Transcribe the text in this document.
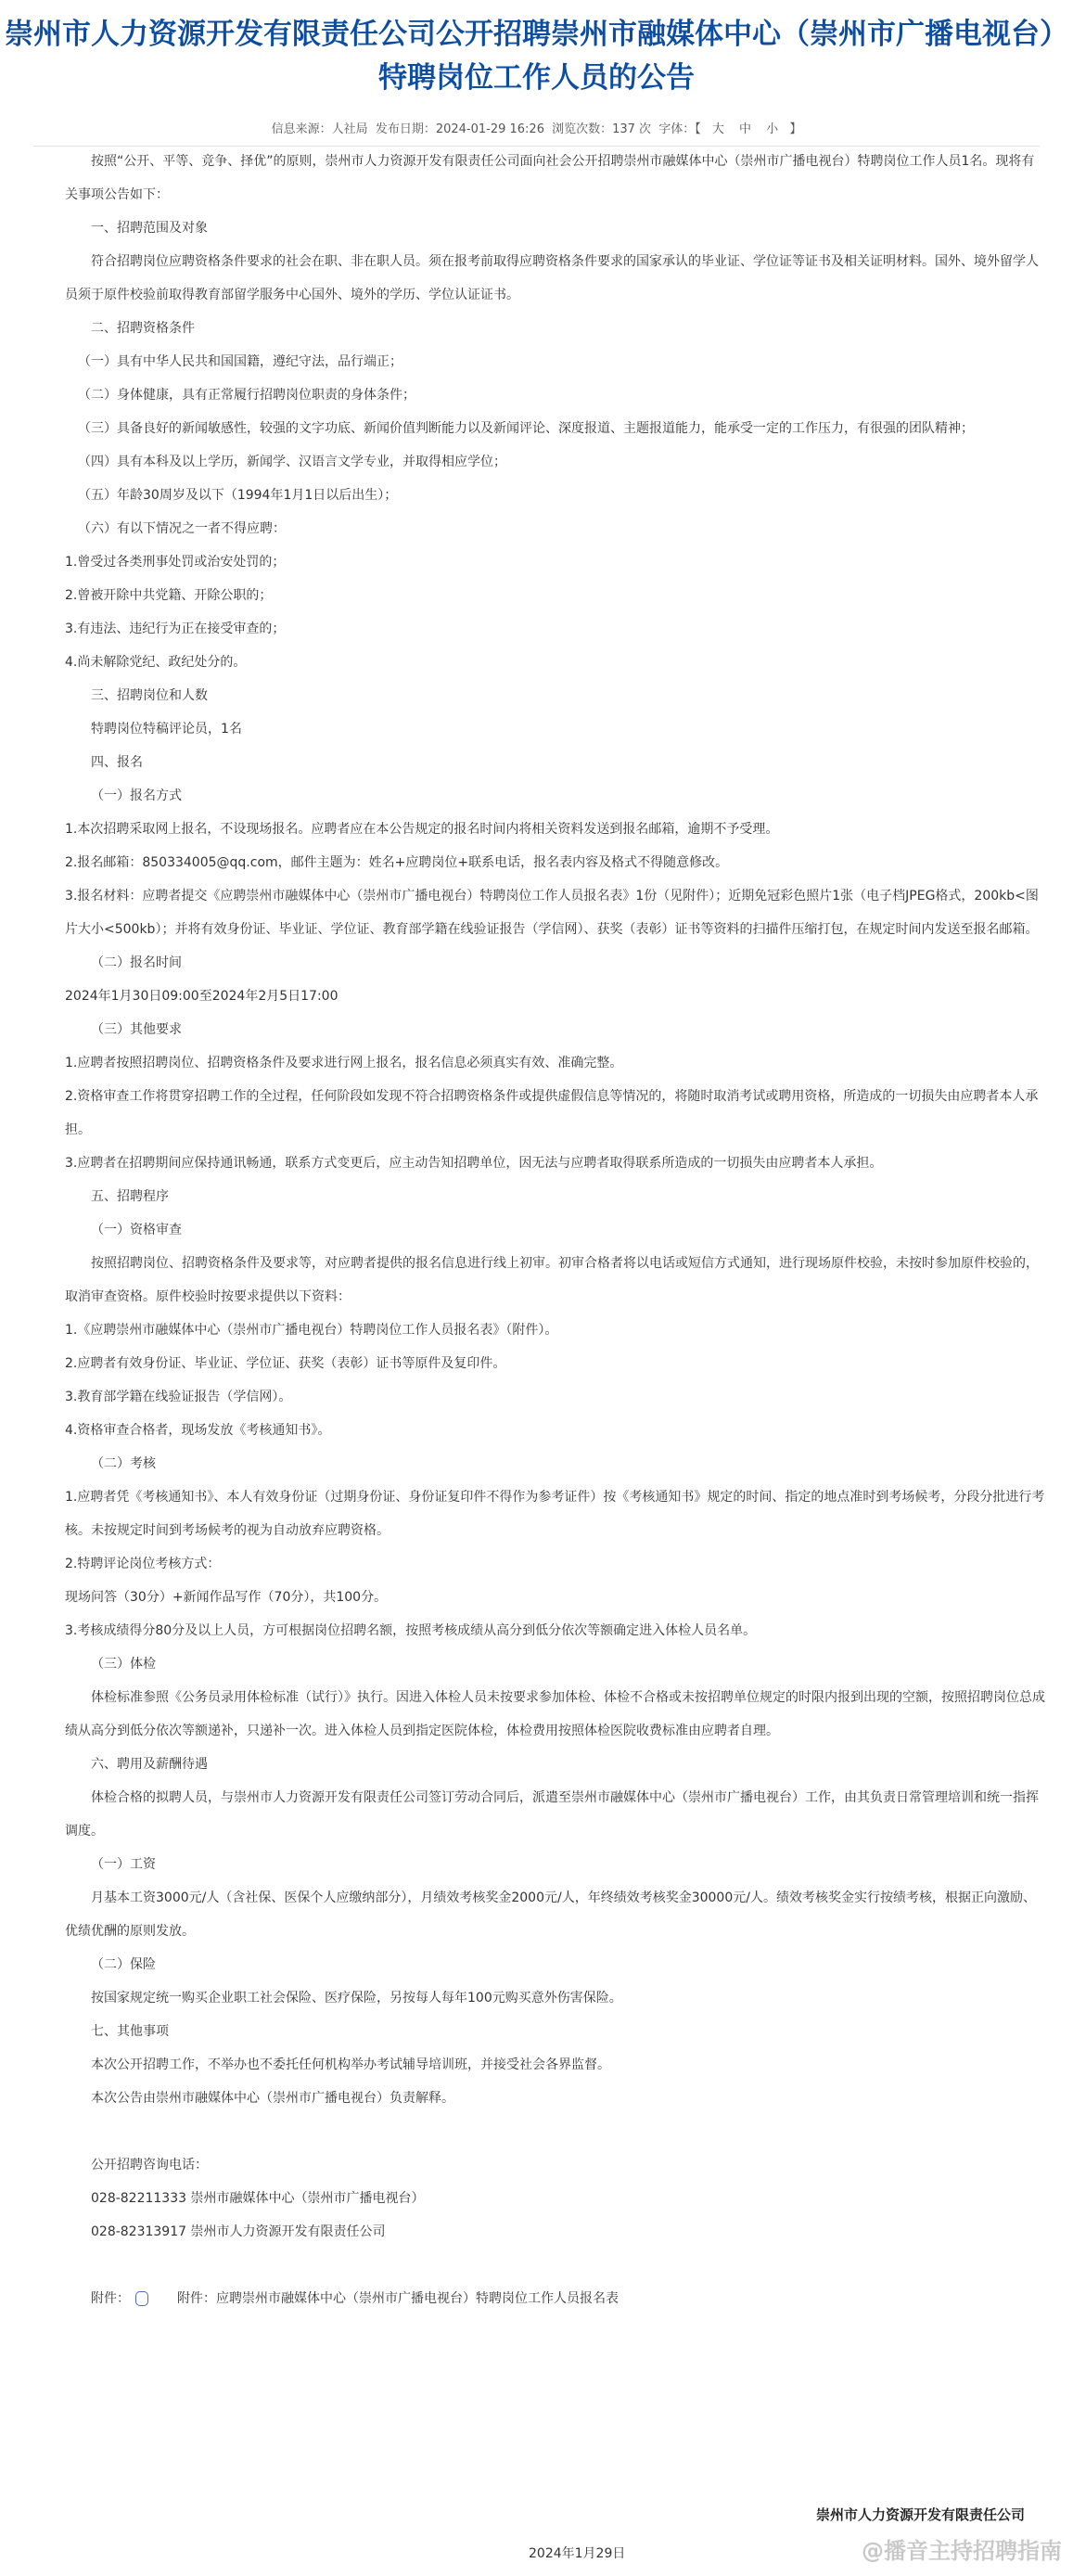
崇州市人力资源开发有限责任公司公开招聘崇州市融媒体中心（崇州市广播电视台）特聘岗位工作人员的公告
信息来源：人社局 发布日期：2024-01-29 16:26 浏览次数：137 次 字体：【 大 中 小 】

按照“公开、平等、竞争、择优”的原则，崇州市人力资源开发有限责任公司面向社会公开招聘崇州市融媒体中心（崇州市广播电视台）特聘岗位工作人员1名。现将有关事项公告如下：

一、招聘范围及对象

符合招聘岗位应聘资格条件要求的社会在职、非在职人员。须在报考前取得应聘资格条件要求的国家承认的毕业证、学位证等证书及相关证明材料。国外、境外留学人员须于原件校验前取得教育部留学服务中心国外、境外的学历、学位认证证书。

二、招聘资格条件

（一）具有中华人民共和国国籍，遵纪守法，品行端正；

（二）身体健康，具有正常履行招聘岗位职责的身体条件；

（三）具备良好的新闻敏感性，较强的文字功底、新闻价值判断能力以及新闻评论、深度报道、主题报道能力，能承受一定的工作压力，有很强的团队精神；

（四）具有本科及以上学历，新闻学、汉语言文学专业，并取得相应学位；

（五）年龄30周岁及以下（1994年1月1日以后出生）；

（六）有以下情况之一者不得应聘：

1.曾受过各类刑事处罚或治安处罚的；

2.曾被开除中共党籍、开除公职的；

3.有违法、违纪行为正在接受审查的；

4.尚未解除党纪、政纪处分的。

三、招聘岗位和人数

特聘岗位特稿评论员，1名

四、报名

（一）报名方式

1.本次招聘采取网上报名，不设现场报名。应聘者应在本公告规定的报名时间内将相关资料发送到报名邮箱，逾期不予受理。

2.报名邮箱：850334005@qq.com，邮件主题为：姓名+应聘岗位+联系电话，报名表内容及格式不得随意修改。

3.报名材料：应聘者提交《应聘崇州市融媒体中心（崇州市广播电视台）特聘岗位工作人员报名表》1份（见附件）；近期免冠彩色照片1张（电子档JPEG格式，200kb<图片大小<500kb）；并将有效身份证、毕业证、学位证、教育部学籍在线验证报告（学信网）、获奖（表彰）证书等资料的扫描件压缩打包，在规定时间内发送至报名邮箱。

（二）报名时间

2024年1月30日09:00至2024年2月5日17:00

（三）其他要求

1.应聘者按照招聘岗位、招聘资格条件及要求进行网上报名，报名信息必须真实有效、准确完整。

2.资格审查工作将贯穿招聘工作的全过程，任何阶段如发现不符合招聘资格条件或提供虚假信息等情况的，将随时取消考试或聘用资格，所造成的一切损失由应聘者本人承担。

3.应聘者在招聘期间应保持通讯畅通，联系方式变更后，应主动告知招聘单位，因无法与应聘者取得联系所造成的一切损失由应聘者本人承担。

五、招聘程序

（一）资格审查

按照招聘岗位、招聘资格条件及要求等，对应聘者提供的报名信息进行线上初审。初审合格者将以电话或短信方式通知，进行现场原件校验，未按时参加原件校验的，取消审查资格。原件校验时按要求提供以下资料：

1.《应聘崇州市融媒体中心（崇州市广播电视台）特聘岗位工作人员报名表》（附件）。

2.应聘者有效身份证、毕业证、学位证、获奖（表彰）证书等原件及复印件。

3.教育部学籍在线验证报告（学信网）。

4.资格审查合格者，现场发放《考核通知书》。

（二）考核

1.应聘者凭《考核通知书》、本人有效身份证（过期身份证、身份证复印件不得作为参考证件）按《考核通知书》规定的时间、指定的地点准时到考场候考，分段分批进行考核。未按规定时间到考场候考的视为自动放弃应聘资格。

2.特聘评论岗位考核方式：

现场问答（30分）+新闻作品写作（70分），共100分。

3.考核成绩得分80分及以上人员，方可根据岗位招聘名额，按照考核成绩从高分到低分依次等额确定进入体检人员名单。

（三）体检

体检标准参照《公务员录用体检标准（试行）》执行。因进入体检人员未按要求参加体检、体检不合格或未按招聘单位规定的时限内报到出现的空额，按照招聘岗位总成绩从高分到低分依次等额递补，只递补一次。进入体检人员到指定医院体检，体检费用按照体检医院收费标准由应聘者自理。

六、聘用及薪酬待遇

体检合格的拟聘人员，与崇州市人力资源开发有限责任公司签订劳动合同后，派遣至崇州市融媒体中心（崇州市广播电视台）工作，由其负责日常管理培训和统一指挥调度。

（一）工资

月基本工资3000元/人（含社保、医保个人应缴纳部分），月绩效考核奖金2000元/人，年终绩效考核奖金30000元/人。绩效考核奖金实行按绩考核，根据正向激励、优绩优酬的原则发放。

（二）保险

按国家规定统一购买企业职工社会保险、医疗保险，另按每人每年100元购买意外伤害保险。

七、其他事项

本次公开招聘工作，不举办也不委托任何机构举办考试辅导培训班，并接受社会各界监督。

本次公告由崇州市融媒体中心（崇州市广播电视台）负责解释。

公开招聘咨询电话：

028-82211333 崇州市融媒体中心（崇州市广播电视台）

028-82313917 崇州市人力资源开发有限责任公司

附件：	附件：应聘崇州市融媒体中心（崇州市广播电视台）特聘岗位工作人员报名表

崇州市人力资源开发有限责任公司
2024年1月29日	@播音主持招聘指南
